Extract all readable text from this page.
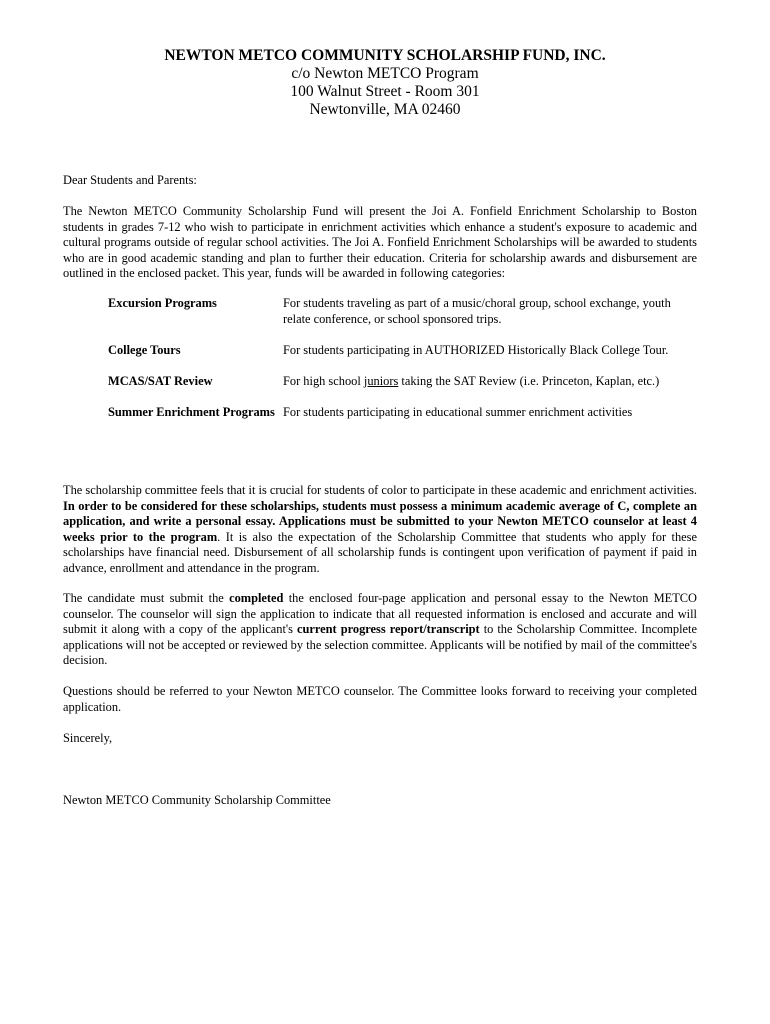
NEWTON METCO COMMUNITY SCHOLARSHIP FUND, INC.
c/o Newton METCO Program
100 Walnut Street - Room 301
Newtonville, MA 02460
Dear Students and Parents:
The Newton METCO Community Scholarship Fund will present the Joi A. Fonfield Enrichment Scholarship to Boston students in grades 7-12 who wish to participate in enrichment activities which enhance a student's exposure to academic and cultural programs outside of regular school activities. The Joi A. Fonfield Enrichment Scholarships will be awarded to students who are in good academic standing and plan to further their education. Criteria for scholarship awards and disbursement are outlined in the enclosed packet. This year, funds will be awarded in following categories:
Excursion Programs	For students traveling as part of a music/choral group, school exchange, youth relate conference, or school sponsored trips.
College Tours	For students participating in AUTHORIZED Historically Black College Tour.
MCAS/SAT Review	For high school juniors taking the SAT Review (i.e. Princeton, Kaplan, etc.)
Summer Enrichment Programs For students participating in educational summer enrichment activities
The scholarship committee feels that it is crucial for students of color to participate in these academic and enrichment activities. In order to be considered for these scholarships, students must possess a minimum academic average of C, complete an application, and write a personal essay. Applications must be submitted to your Newton METCO counselor at least 4 weeks prior to the program. It is also the expectation of the Scholarship Committee that students who apply for these scholarships have financial need. Disbursement of all scholarship funds is contingent upon verification of payment if paid in advance, enrollment and attendance in the program.
The candidate must submit the completed the enclosed four-page application and personal essay to the Newton METCO counselor. The counselor will sign the application to indicate that all requested information is enclosed and accurate and will submit it along with a copy of the applicant's current progress report/transcript to the Scholarship Committee. Incomplete applications will not be accepted or reviewed by the selection committee. Applicants will be notified by mail of the committee's decision.
Questions should be referred to your Newton METCO counselor. The Committee looks forward to receiving your completed application.
Sincerely,
Newton METCO Community Scholarship Committee
